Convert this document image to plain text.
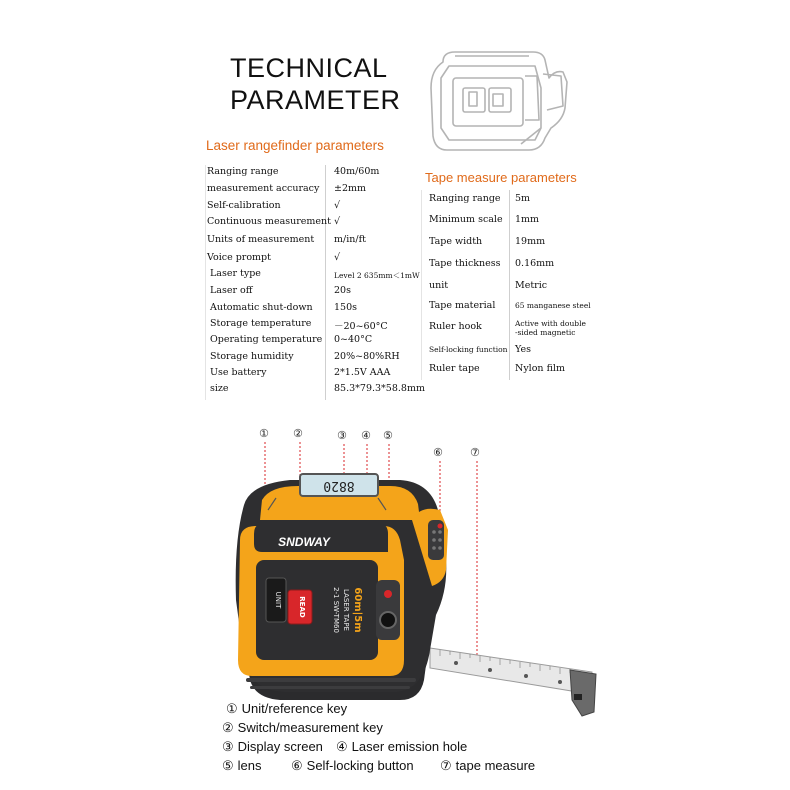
TECHNICAL
PARAMETER
Laser rangefinder parameters
Ranging range	40m/60m
measurement accuracy ±2mm
Self-calibration	√
Continuous measurement √
Units of measurement m/in/ft
Voice prompt	√
Laser type	Level 2 635mm＜1mW
Laser off	20s
Automatic shut-down 150s
Storage temperature －20~60°C
Operating temperature 0~40°C
Storage humidity	20%~80%RH
Use battery	2*1.5V AAA
size	85.3*79.3*58.8mm
Tape measure parameters
Ranging range 5m
Minimum scale 1mm
Tape width	19mm
Tape thickness 0.16mm
unit	Metric
Tape material	65 manganese steel
Ruler hook	Active with double
-sided magnetic
Self-locking function Yes
Ruler tape	Nylon film
① ②	③ ④ ⑤
⑥ ⑦
8820
SNDWAY
UNIT READ	60m|5m
LASER TAPE
2-1 SW-TM60
① Unit/reference key
② Switch/measurement key
③ Display screen ④ Laser emission hole
⑤ lens ⑥ Self-locking button ⑦ tape measure
